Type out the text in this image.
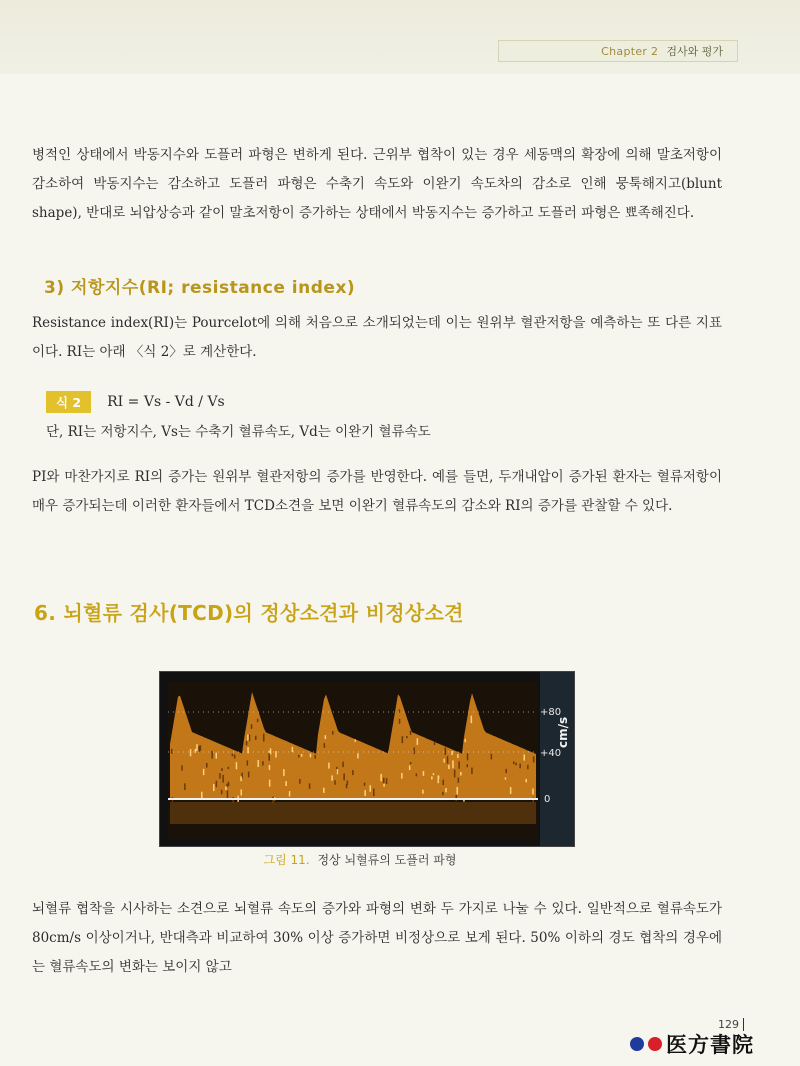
Chapter 2 검사와 평가

병적인 상태에서 박동지수와 도플러 파형은 변하게 된다. 근위부 협착이 있는 경우 세동맥의 확장에 의해 말초저항이 감소하여 박동지수는 감소하고 도플러 파형은 수축기 속도와 이완기 속도차의 감소로 인해 뭉툭해지고(blunt shape), 반대로 뇌압상승과 같이 말초저항이 증가하는 상태에서 박동지수는 증가하고 도플러 파형은 뾰족해진다.

3) 저항지수(RI; resistance index)

Resistance index(RI)는 Pourcelot에 의해 처음으로 소개되었는데 이는 원위부 혈관저항을 예측하는 또 다른 지표이다. RI는 아래 〈식 2〉로 계산한다.

식 2	RI = Vs - Vd / Vs
단, RI는 저항지수, Vs는 수축기 혈류속도, Vd는 이완기 혈류속도

PI와 마찬가지로 RI의 증가는 원위부 혈관저항의 증가를 반영한다. 예를 들면, 두개내압이 증가된 환자는 혈류저항이 매우 증가되는데 이러한 환자들에서 TCD소견을 보면 이완기 혈류속도의 감소와 RI의 증가를 관찰할 수 있다.

6. 뇌혈류 검사(TCD)의 정상소견과 비정상소견
+80
+40
0
cm/s
그림 11. 정상 뇌혈류의 도플러 파형

뇌혈류 협착을 시사하는 소견으로 뇌혈류 속도의 증가와 파형의 변화 두 가지로 나눌 수 있다. 일반적으로 혈류속도가 80cm/s 이상이거나, 반대측과 비교하여 30% 이상 증가하면 비정상으로 보게 된다. 50% 이하의 경도 협착의 경우에는 혈류속도의 변화는 보이지 않고

129
医方書院
